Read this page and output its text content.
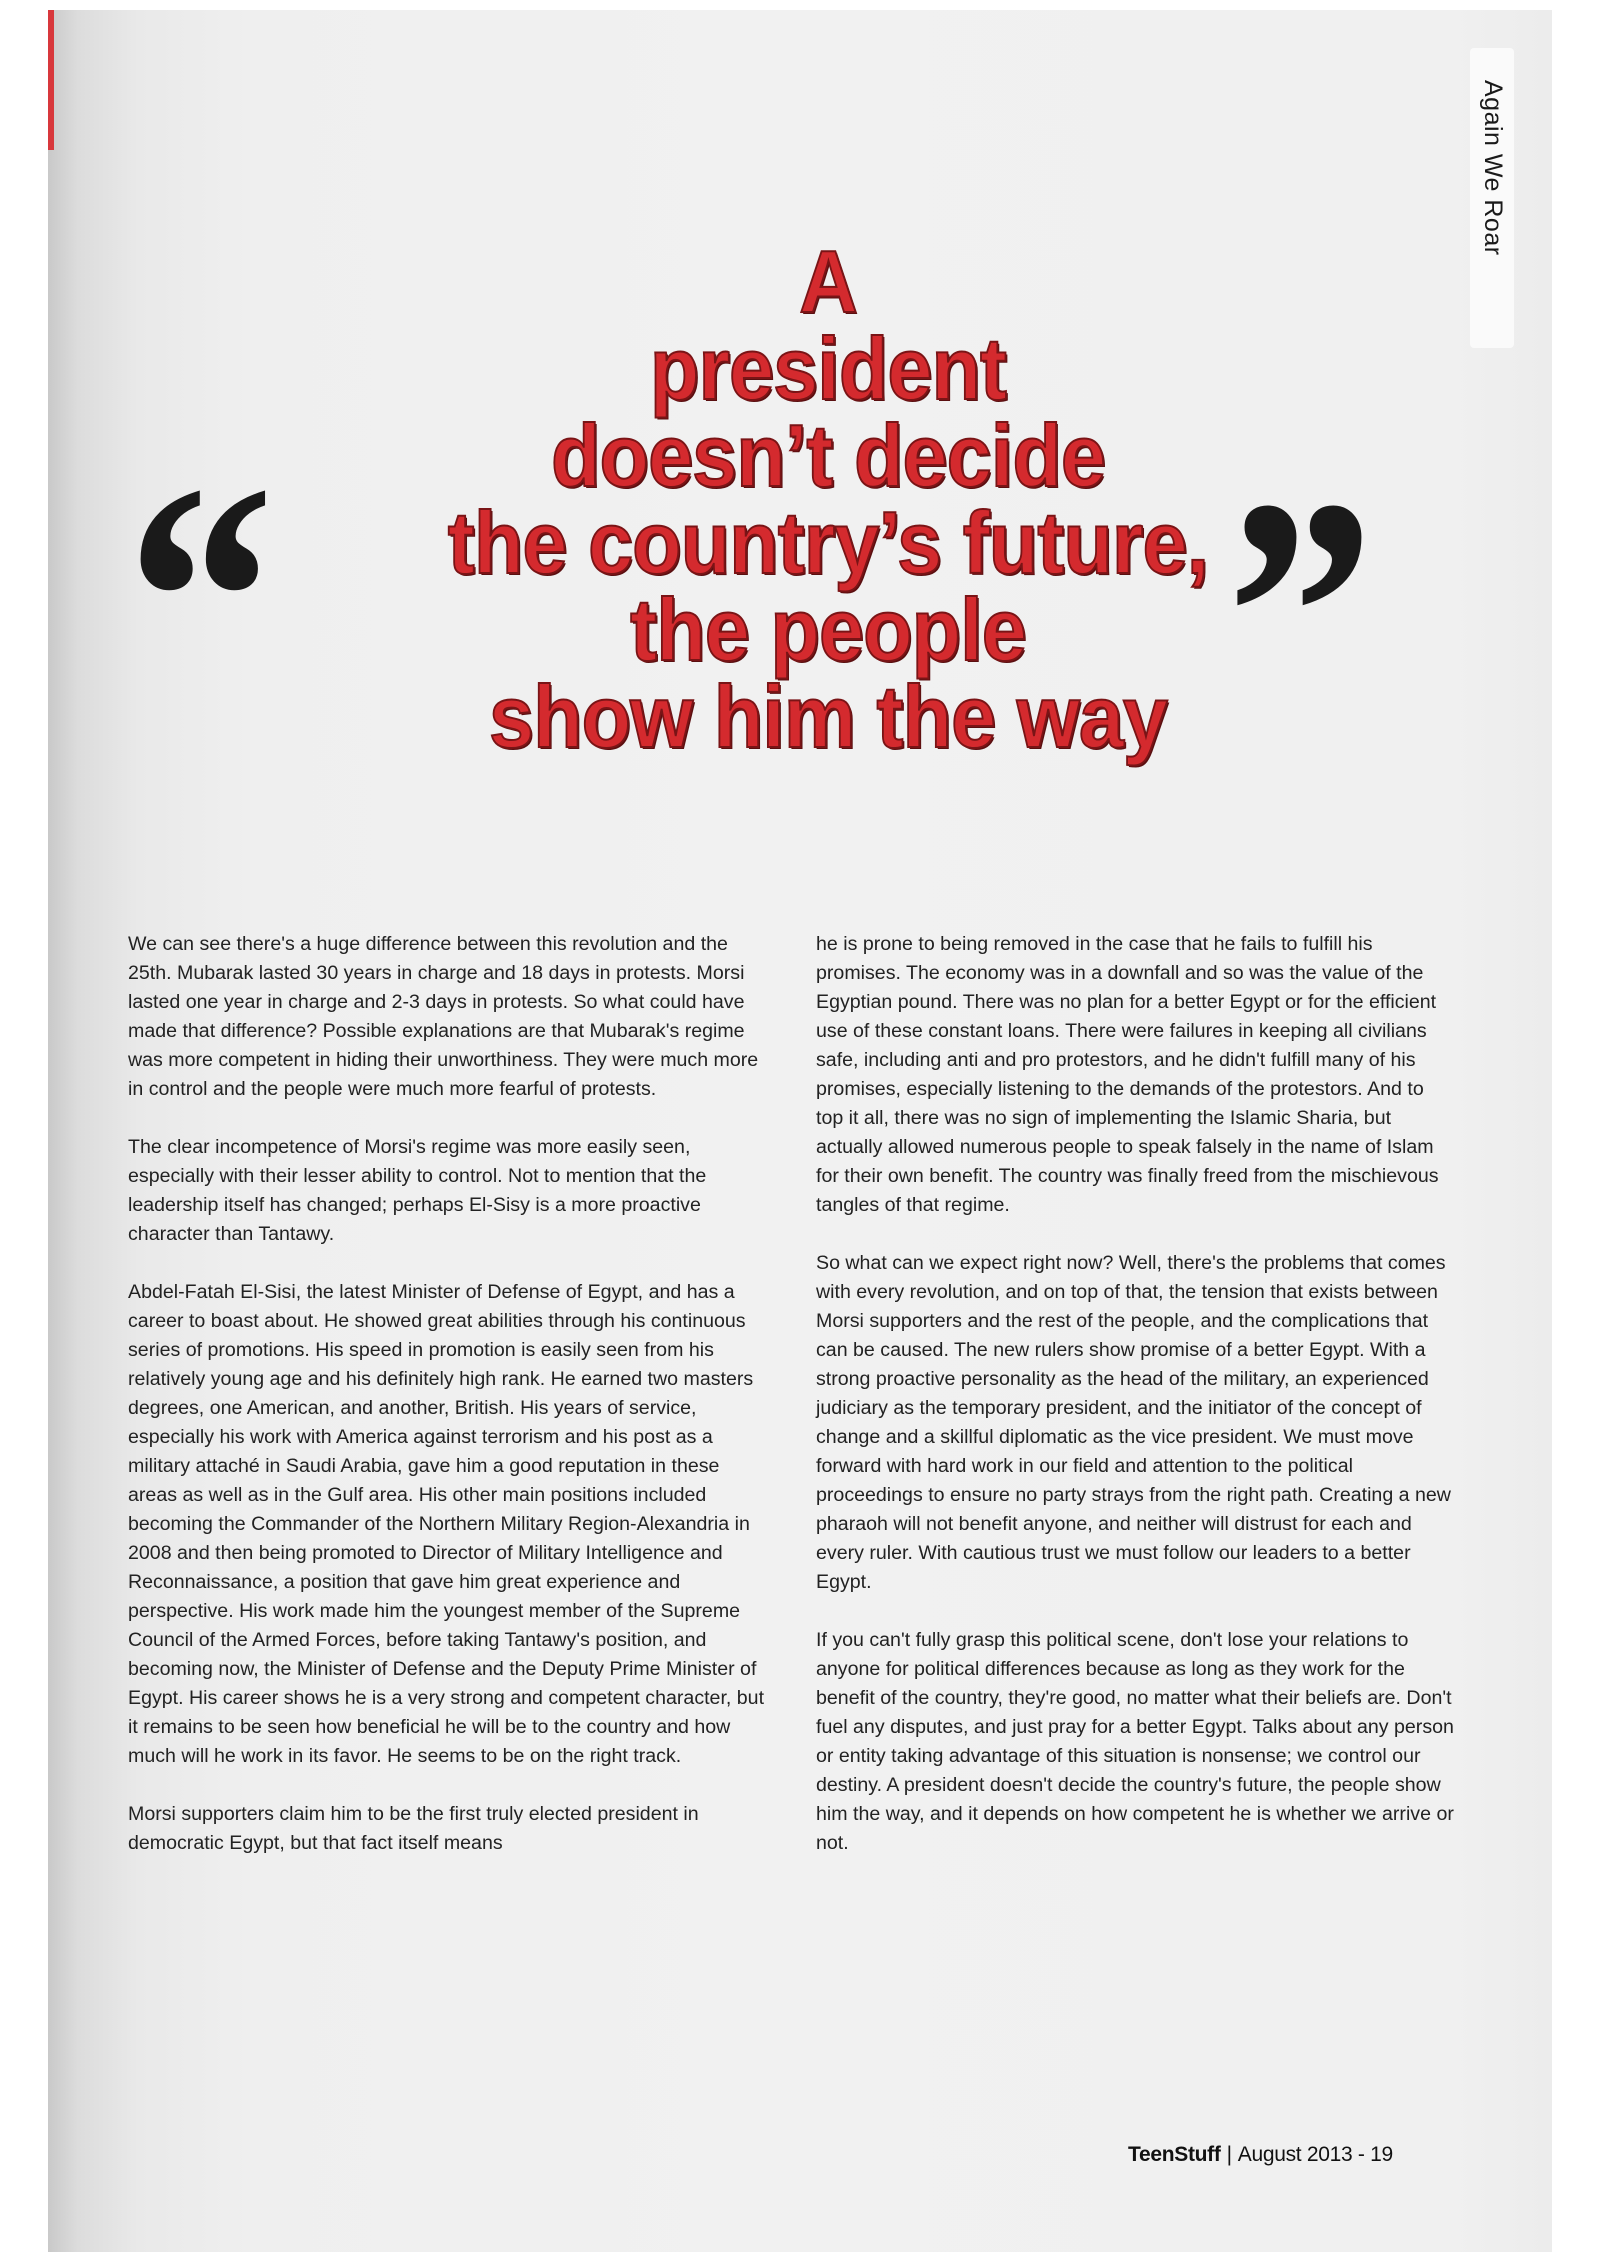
Again We Roar
“	”
A
president
doesn’t decide
the country’s future,
the people
show him the way

We can see there's a huge difference between this revolution and the 25th. Mubarak lasted 30 years in charge and 18 days in protests. Morsi lasted one year in charge and 2-3 days in protests. So what could have made that difference? Possible explanations are that Mubarak's regime was more competent in hiding their unworthiness. They were much more in control and the people were much more fearful of protests.

The clear incompetence of Morsi's regime was more easily seen, especially with their lesser ability to control. Not to mention that the leadership itself has changed; perhaps El-Sisy is a more proactive character than Tantawy.

Abdel-Fatah El-Sisi, the latest Minister of Defense of Egypt, and has a career to boast about. He showed great abilities through his continuous series of promotions. His speed in promotion is easily seen from his relatively young age and his definitely high rank. He earned two masters degrees, one American, and another, British. His years of service, especially his work with America against terrorism and his post as a military attaché in Saudi Arabia, gave him a good reputation in these areas as well as in the Gulf area. His other main positions included becoming the Commander of the Northern Military Region-Alexandria in 2008 and then being promoted to Director of Military Intelligence and Reconnaissance, a position that gave him great experience and perspective. His work made him the youngest member of the Supreme Council of the Armed Forces, before taking Tantawy's position, and becoming now, the Minister of Defense and the Deputy Prime Minister of Egypt. His career shows he is a very strong and competent character, but it remains to be seen how beneficial he will be to the country and how much will he work in its favor. He seems to be on the right track.

Morsi supporters claim him to be the first truly elected president in democratic Egypt, but that fact itself means

he is prone to being removed in the case that he fails to fulfill his promises. The economy was in a downfall and so was the value of the Egyptian pound. There was no plan for a better Egypt or for the efficient use of these constant loans. There were failures in keeping all civilians safe, including anti and pro protestors, and he didn't fulfill many of his promises, especially listening to the demands of the protestors. And to top it all, there was no sign of implementing the Islamic Sharia, but actually allowed numerous people to speak falsely in the name of Islam for their own benefit. The country was finally freed from the mischievous tangles of that regime.

So what can we expect right now? Well, there's the problems that comes with every revolution, and on top of that, the tension that exists between Morsi supporters and the rest of the people, and the complications that can be caused. The new rulers show promise of a better Egypt. With a strong proactive personality as the head of the military, an experienced judiciary as the temporary president, and the initiator of the concept of change and a skillful diplomatic as the vice president. We must move forward with hard work in our field and attention to the political proceedings to ensure no party strays from the right path. Creating a new pharaoh will not benefit anyone, and neither will distrust for each and every ruler. With cautious trust we must follow our leaders to a better Egypt.

If you can't fully grasp this political scene, don't lose your relations to anyone for political differences because as long as they work for the benefit of the country, they're good, no matter what their beliefs are. Don't fuel any disputes, and just pray for a better Egypt. Talks about any person or entity taking advantage of this situation is nonsense; we control our destiny. A president doesn't decide the country's future, the people show him the way, and it depends on how competent he is whether we arrive or not.

TeenStuff | August 2013 - 19
